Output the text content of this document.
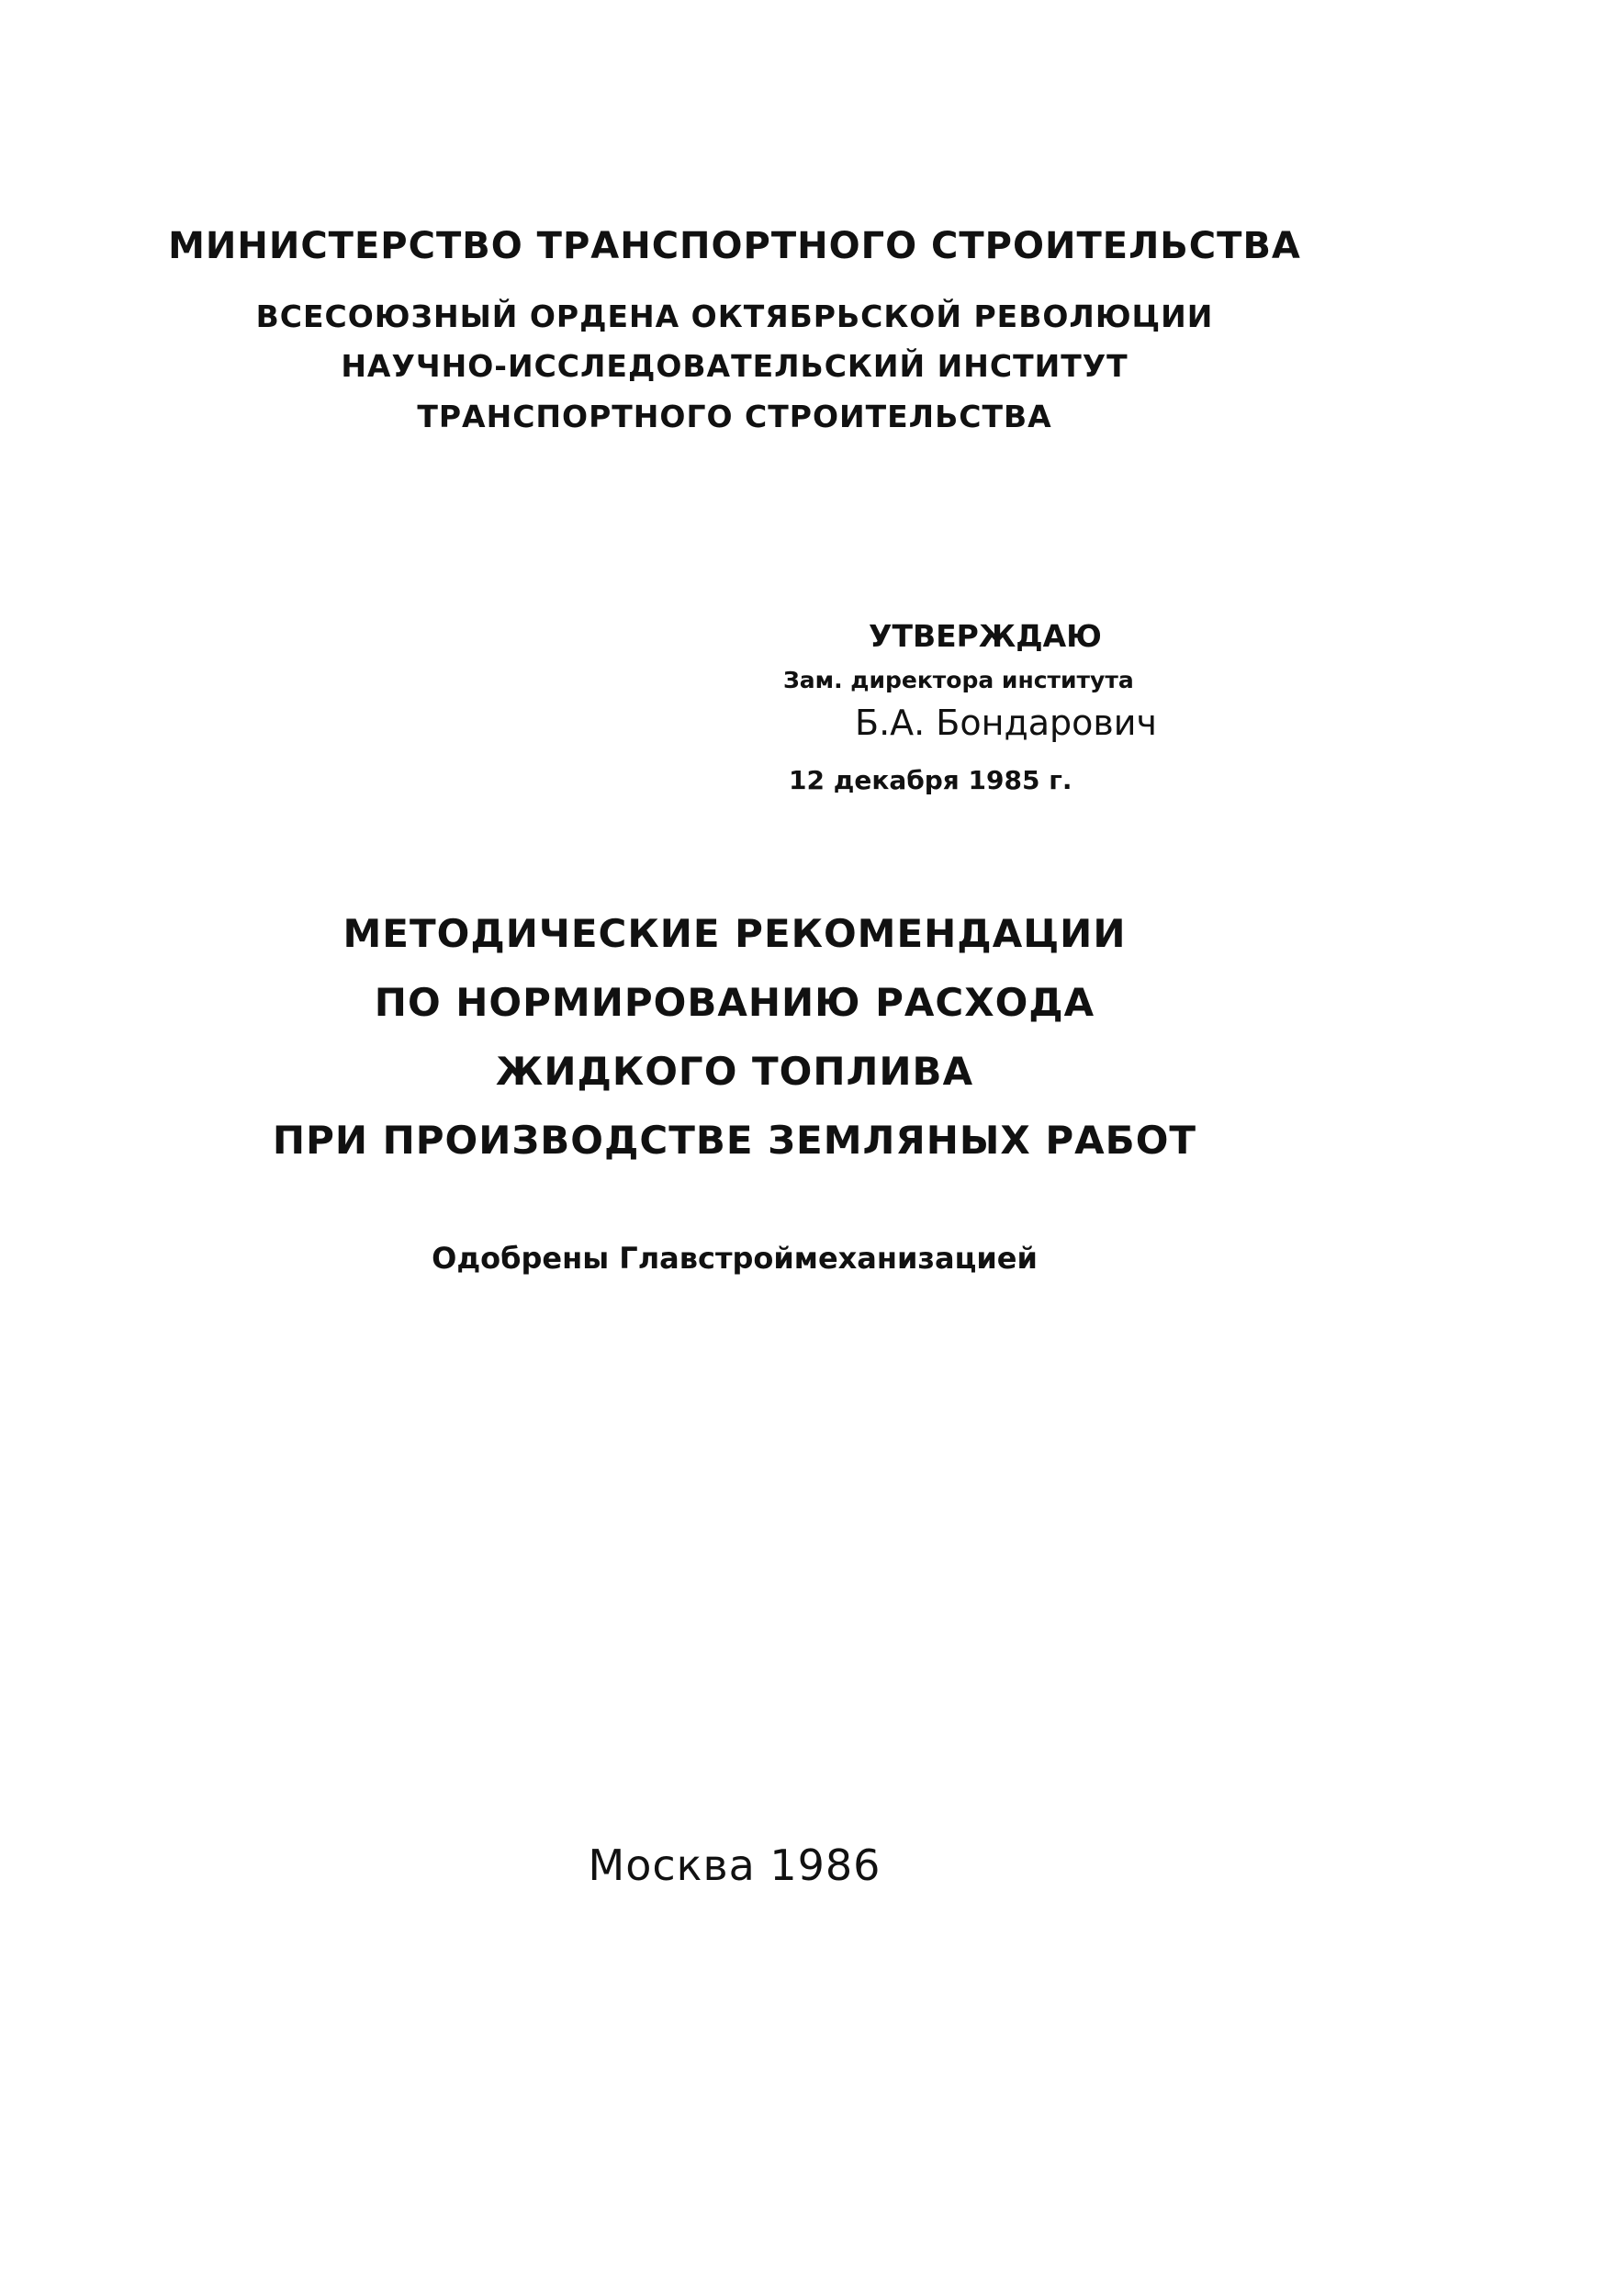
МИНИСТЕРСТВО ТРАНСПОРТНОГО СТРОИТЕЛЬСТВА
ВСЕСОЮЗНЫЙ ОРДЕНА ОКТЯБРЬСКОЙ РЕВОЛЮЦИИ
НАУЧНО-ИССЛЕДОВАТЕЛЬСКИЙ ИНСТИТУТ
ТРАНСПОРТНОГО СТРОИТЕЛЬСТВА
УТВЕРЖДАЮ
Зам. директора института
Б.А. Бондарович
12 декабря 1985 г.
МЕТОДИЧЕСКИЕ РЕКОМЕНДАЦИИ
ПО НОРМИРОВАНИЮ РАСХОДА
ЖИДКОГО ТОПЛИВА
ПРИ ПРОИЗВОДСТВЕ ЗЕМЛЯНЫХ РАБОТ
Одобрены Главстроймеханизацией
Москва 1986
